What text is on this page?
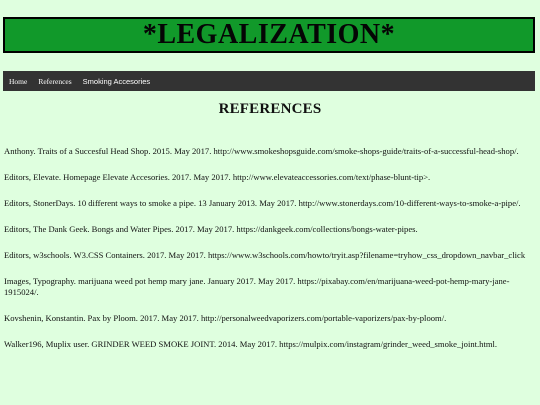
*LEGALIZATION*
Home References Smoking Accesories
REFERENCES

Anthony. Traits of a Succesful Head Shop. 2015. May 2017. http://www.smokeshopsguide.com/smoke-shops-guide/traits-of-a-successful-head-shop/.

Editors, Elevate. Homepage Elevate Accesories. 2017. May 2017. http://www.elevateaccessories.com/text/phase-blunt-tip>.

Editors, StonerDays. 10 different ways to smoke a pipe. 13 January 2013. May 2017. http://www.stonerdays.com/10-different-ways-to-smoke-a-pipe/.

Editors, The Dank Geek. Bongs and Water Pipes. 2017. May 2017. https://dankgeek.com/collections/bongs-water-pipes.

Editors, w3schools. W3.CSS Containers. 2017. May 2017. https://www.w3schools.com/howto/tryit.asp?filename=tryhow_css_dropdown_navbar_click

Images, Typography. marijuana weed pot hemp mary jane. January 2017. May 2017. https://pixabay.com/en/marijuana-weed-pot-hemp-mary-jane-1915024/.

Kovshenin, Konstantin. Pax by Ploom. 2017. May 2017. http://personalweedvaporizers.com/portable-vaporizers/pax-by-ploom/.

Walker196, Muplix user. GRINDER WEED SMOKE JOINT. 2014. May 2017. https://mulpix.com/instagram/grinder_weed_smoke_joint.html.
